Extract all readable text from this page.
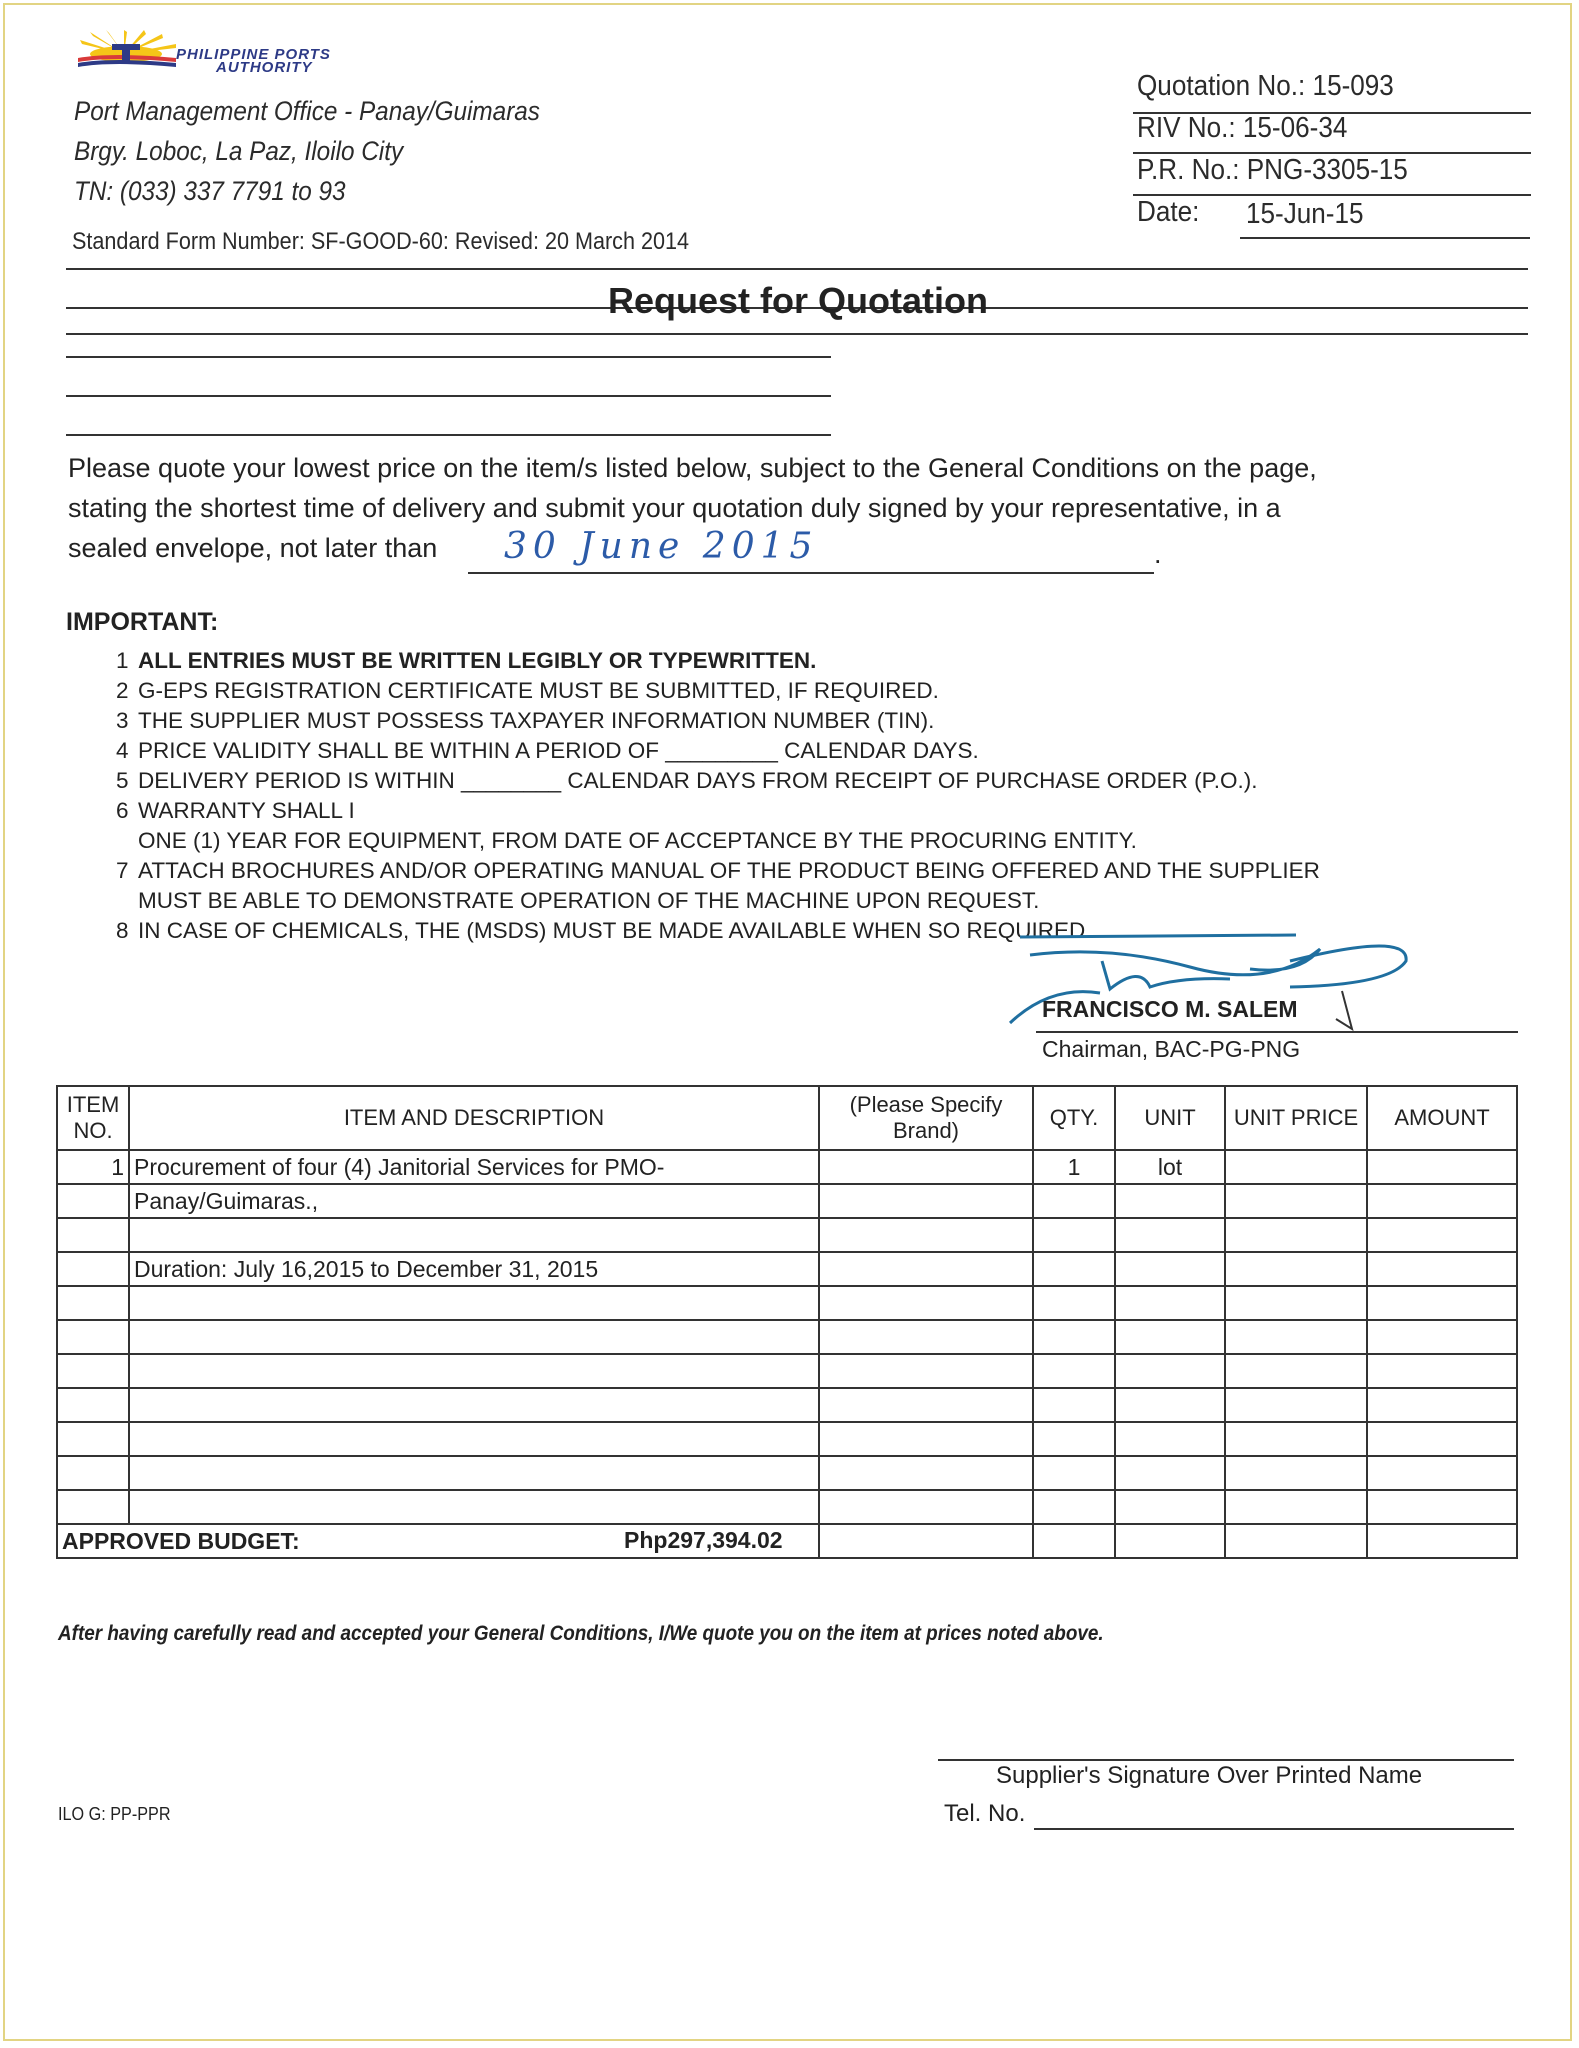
PHILIPPINE PORTS
AUTHORITY
Port Management Office - Panay/Guimaras
Brgy. Loboc, La Paz, Iloilo City
TN: (033) 337 7791 to 93
Standard Form Number: SF-GOOD-60: Revised: 20 March 2014
Quotation No.: 15-093
RIV No.: 15-06-34
P.R. No.: PNG-3305-15
Date: 15-Jun-15
Request for Quotation
Please quote your lowest price on the item/s listed below, subject to the General Conditions on the page,
stating the shortest time of delivery and submit your quotation duly signed by your representative, in a
sealed envelope, not later than	30 June 2015	.
IMPORTANT:
1 ALL ENTRIES MUST BE WRITTEN LEGIBLY OR TYPEWRITTEN.
2 G-EPS REGISTRATION CERTIFICATE MUST BE SUBMITTED, IF REQUIRED.
3 THE SUPPLIER MUST POSSESS TAXPAYER INFORMATION NUMBER (TIN).
4 PRICE VALIDITY SHALL BE WITHIN A PERIOD OF _________ CALENDAR DAYS.
5 DELIVERY PERIOD IS WITHIN ________ CALENDAR DAYS FROM RECEIPT OF PURCHASE ORDER (P.O.).
6 WARRANTY SHALL I
ONE (1) YEAR FOR EQUIPMENT, FROM DATE OF ACCEPTANCE BY THE PROCURING ENTITY.
7 ATTACH BROCHURES AND/OR OPERATING MANUAL OF THE PRODUCT BEING OFFERED AND THE SUPPLIER
MUST BE ABLE TO DEMONSTRATE OPERATION OF THE MACHINE UPON REQUEST.
8 IN CASE OF CHEMICALS, THE (MSDS) MUST BE MADE AVAILABLE WHEN SO REQUIRED.
FRANCISCO M. SALEM
Chairman, BAC-PG-PNG
ITEM NO.	ITEM AND DESCRIPTION	(Please Specify Brand)	QTY.	UNIT	UNIT PRICE	AMOUNT
1	Procurement of four (4) Janitorial Services for PMO-		1	lot		
	Panay/Guimaras.,					

	Duration: July 16,2015 to December 31, 2015					

APPROVED BUDGET: Php297,394.02						

After having carefully read and accepted your General Conditions, I/We quote you on the item at prices noted above.
Supplier's Signature Over Printed Name
Tel. No.
ILO G: PP-PPR
